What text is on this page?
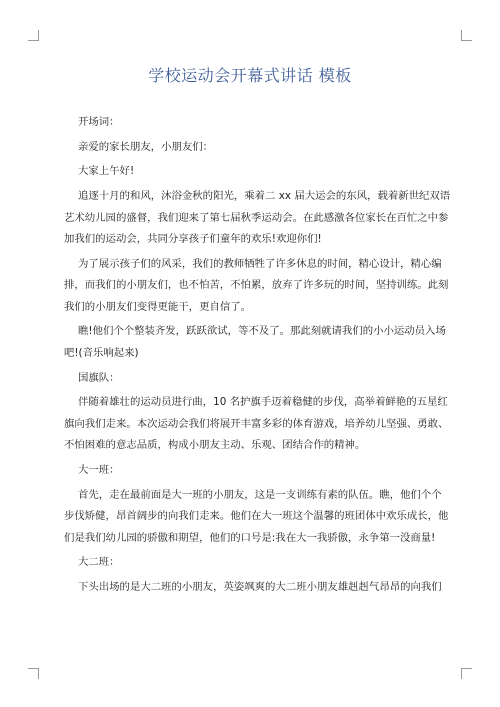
学校运动会开幕式讲话 模板

开场词：

亲爱的家长朋友，小朋友们：

大家上午好!

追逐十月的和风，沐浴金秋的阳光，乘着二 xx 届大运会的东风，载着新世纪双语
艺术幼儿园的盛督，我们迎来了第七届秋季运动会。在此感激各位家长在百忙之中参
加我们的运动会，共同分享孩子们童年的欢乐!欢迎你们!

为了展示孩子们的风采，我们的教师牺牲了许多休息的时间，精心设计，精心编
排，而我们的小朋友们，也不怕苦，不怕累，放弃了许多玩的时间，坚持训练。此刻
我们的小朋友们变得更能干，更自信了。

瞧!他们个个整装齐发，跃跃欲试，等不及了。那此刻就请我们的小小运动员入场
吧!(音乐响起来)

国旗队：

伴随着雄壮的运动员进行曲，10 名护旗手迈着稳健的步伐，高举着鲜艳的五星红
旗向我们走来。本次运动会我们将展开丰富多彩的体育游戏，培养幼儿坚强、勇敢、
不怕困难的意志品质，构成小朋友主动、乐观、团结合作的精神。

大一班：

首先，走在最前面是大一班的小朋友，这是一支训练有素的队伍。瞧，他们个个
步伐矫健，昂首阔步的向我们走来。他们在大一班这个温馨的班团体中欢乐成长，他
们是我们幼儿园的骄傲和期望，他们的口号是:我在大一我骄傲，永争第一没商量!

大二班：

下头出场的是大二班的小朋友，英姿飒爽的大二班小朋友雄赳赳气昂昂的向我们
